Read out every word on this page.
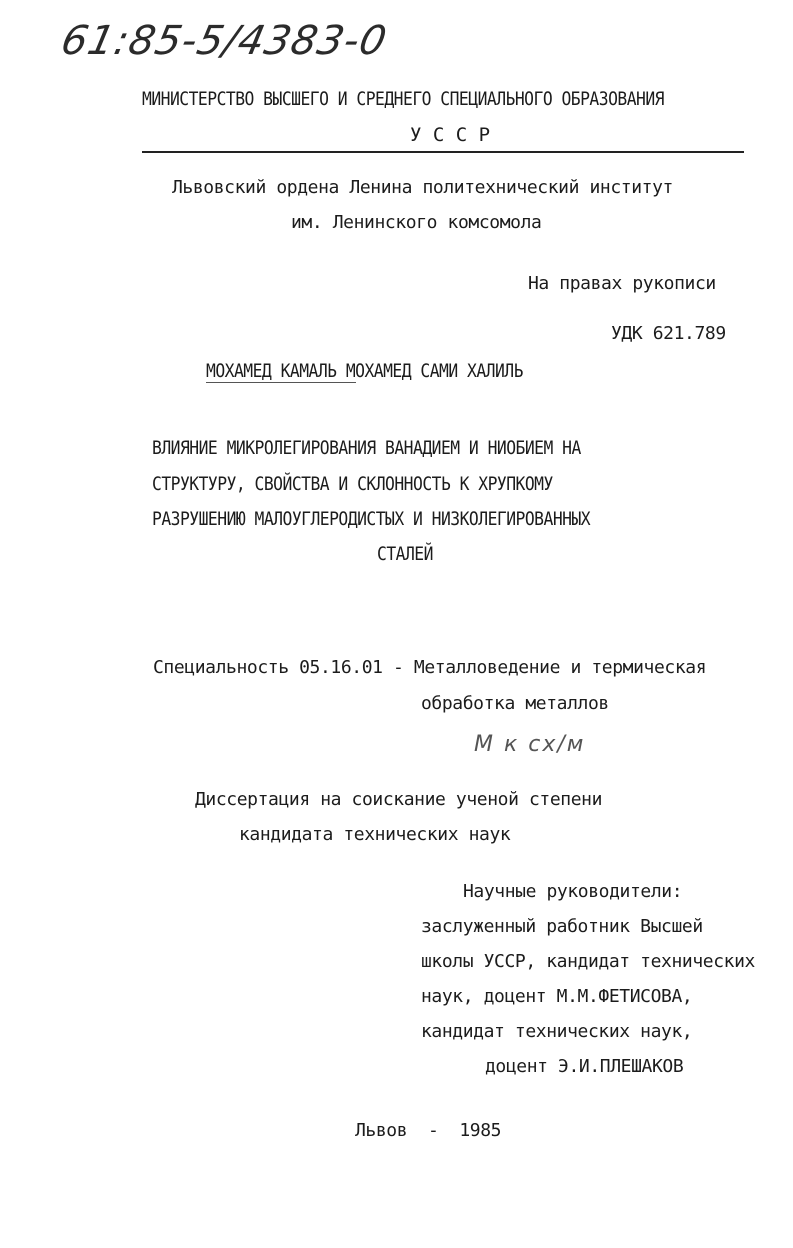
61:85-5/4383-0
МИНИСТЕРСТВО ВЫСШЕГО И СРЕДНЕГО СПЕЦИАЛЬНОГО ОБРАЗОВАНИЯ
У С С Р
Львовский ордена Ленина политехнический институт
им. Ленинского комсомола
На правах рукописи
УДК 621.789
МОХАМЕД КАМАЛЬ МОХАМЕД САМИ ХАЛИЛЬ
ВЛИЯНИЕ МИКРОЛЕГИРОВАНИЯ ВАНАДИЕМ И НИОБИЕМ НА
СТРУКТУРУ, СВОЙСТВА И СКЛОННОСТЬ К ХРУПКОМУ
РАЗРУШЕНИЮ МАЛОУГЛЕРОДИСТЫХ И НИЗКОЛЕГИРОВАННЫХ
СТАЛЕЙ
Специальность 05.16.01 - Металловедение и термическая
обработка металлов
М к сх/м
Диссертация на соискание ученой степени
кандидата технических наук
Научные руководители:
заслуженный работник Высшей
школы УССР, кандидат технических
наук, доцент М.М.ФЕТИСОВА,
кандидат технических наук,
доцент Э.И.ПЛЕШАКОВ
Львов  -  1985
